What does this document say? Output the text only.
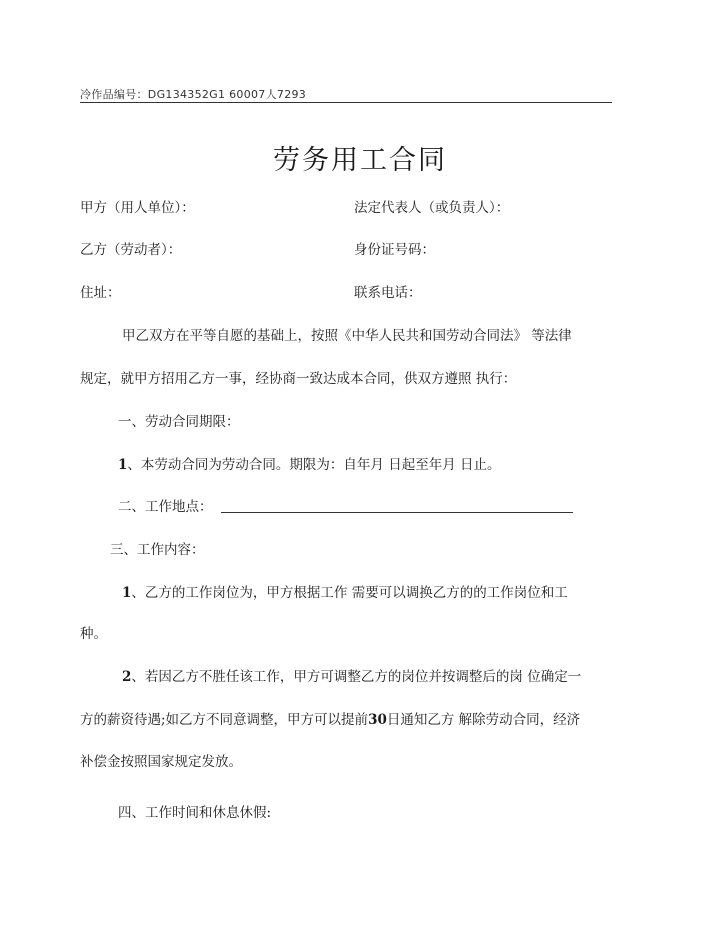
冷作品编号：DG134352G1 60007人7293
劳务用工合同
甲方（用人单位）：	法定代表人（或负责人）：
乙方（劳动者）：	身份证号码：
住址：	联系电话：
甲乙双方在平等自愿的基础上，按照《中华人民共和国劳动合同法》 等法律
规定，就甲方招用乙方一事，经协商一致达成本合同，供双方遵照 执行：
一、劳动合同期限：
1、本劳动合同为劳动合同。期限为：自年月 日起至年月 日止。
二、工作地点：
三、工作内容：
1、乙方的工作岗位为，甲方根据工作 需要可以调换乙方的的工作岗位和工
种。
2、若因乙方不胜任该工作，甲方可调整乙方的岗位并按调整后的岗 位确定一
方的薪资待遇;如乙方不同意调整，甲方可以提前30日通知乙方 解除劳动合同，经济
补偿金按照国家规定发放。
四、工作时间和休息休假:
